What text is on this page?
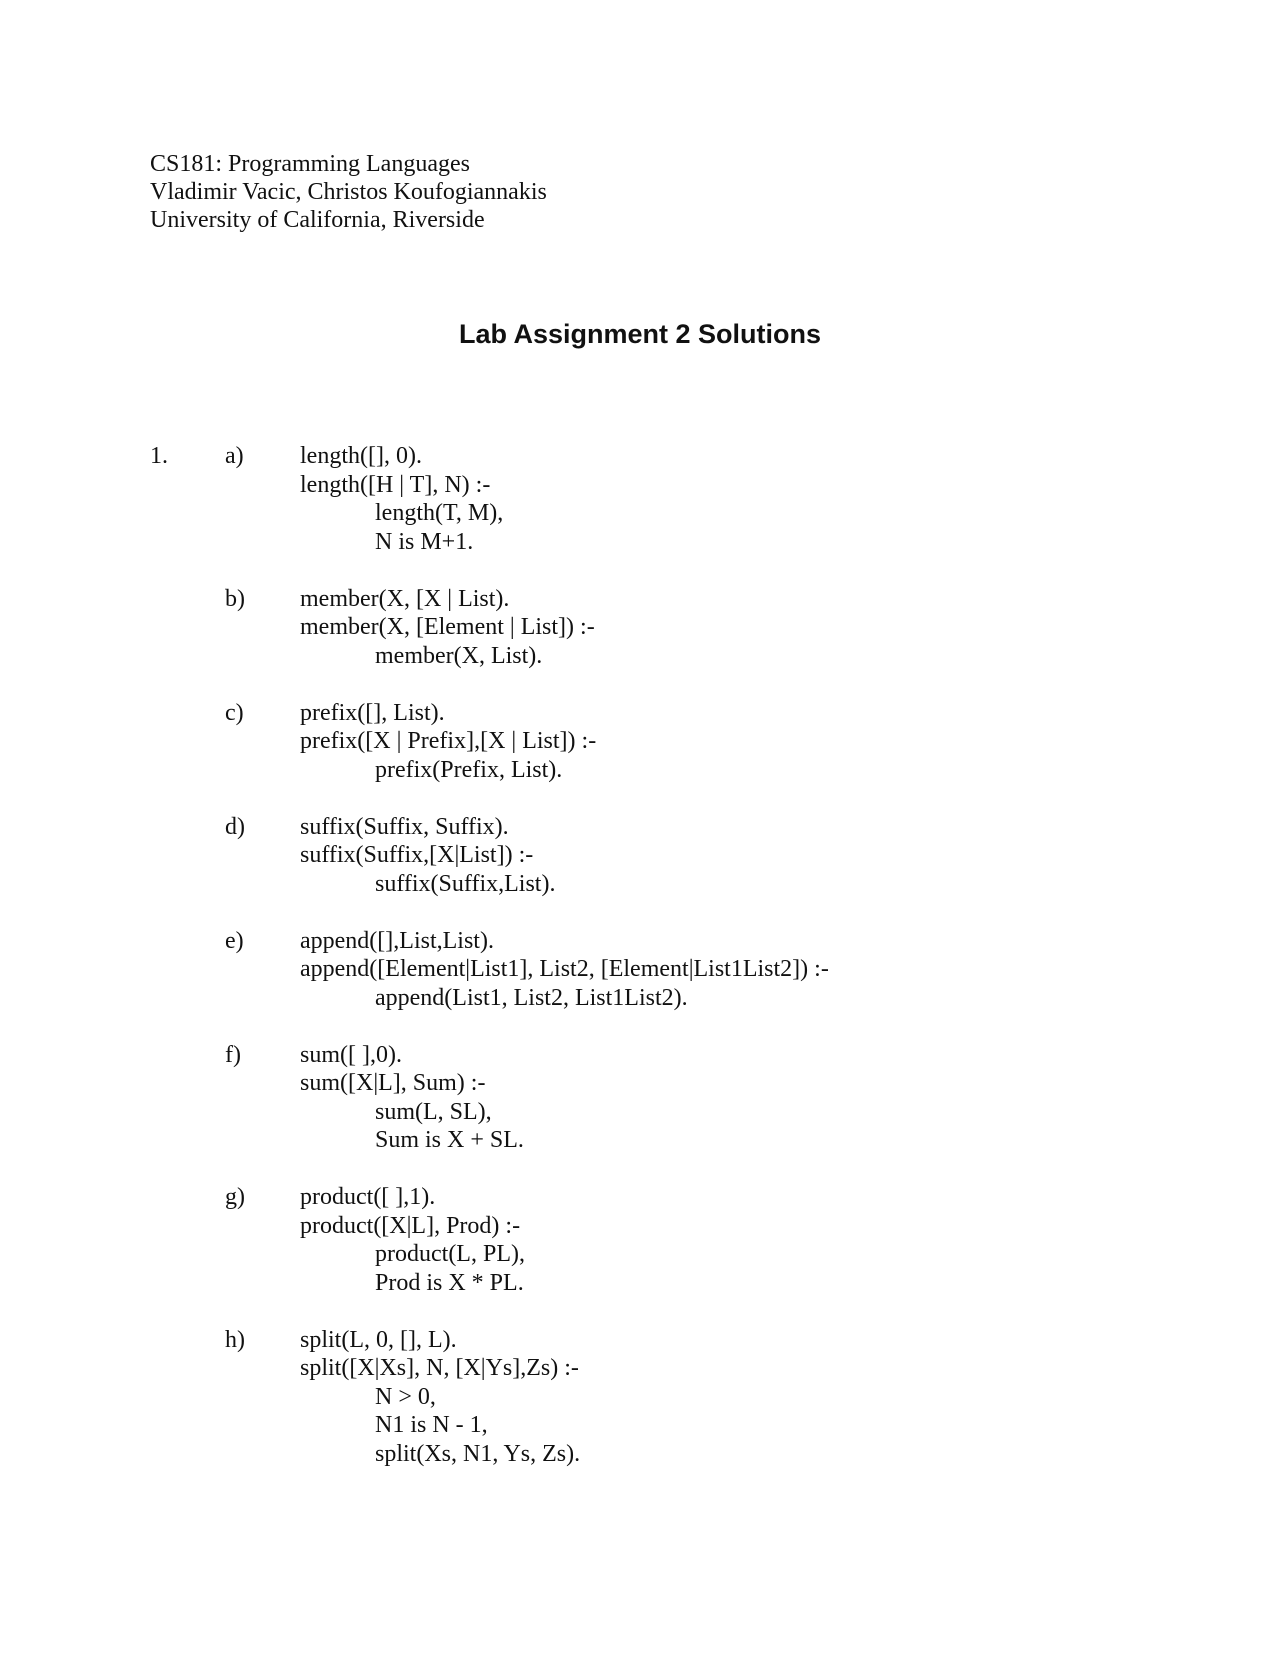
CS181: Programming Languages
Vladimir Vacic, Christos Koufogiannakis
University of California, Riverside
Lab Assignment 2 Solutions
1. a) length([], 0).
length([H | T], N) :-
length(T, M),
N is M+1.
b) member(X, [X | List).
member(X, [Element | List]) :-
member(X, List).
c) prefix([], List).
prefix([X | Prefix],[X | List]) :-
prefix(Prefix, List).
d) suffix(Suffix, Suffix).
suffix(Suffix,[X|List]) :-
suffix(Suffix,List).
e) append([],List,List).
append([Element|List1], List2, [Element|List1List2]) :-
append(List1, List2, List1List2).
f) sum([ ],0).
sum([X|L], Sum) :-
sum(L, SL),
Sum is X + SL.
g) product([ ],1).
product([X|L], Prod) :-
product(L, PL),
Prod is X * PL.
h) split(L, 0, [], L).
split([X|Xs], N, [X|Ys],Zs) :-
N > 0,
N1 is N - 1,
split(Xs, N1, Ys, Zs).
